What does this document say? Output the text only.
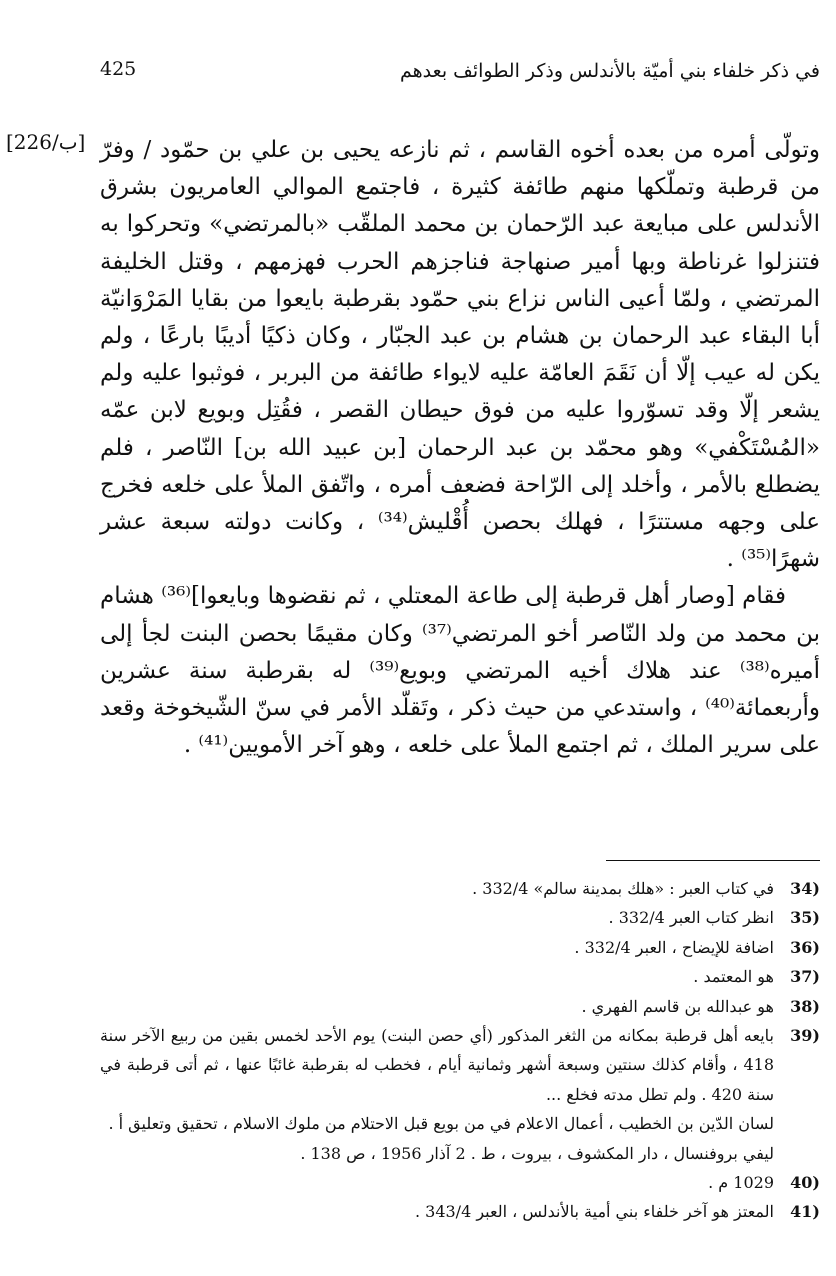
في ذكر خلفاء بني أميّة بالأندلس وذكر الطوائف بعدهم
425
[226/ب] وتولّى أمره من بعده أخوه القاسم ، ثم نازعه يحيى بن علي بن حمّود / وفرّ من قرطبة وتملّكها منهم طائفة كثيرة ، فاجتمع الموالي العامريون بشرق الأندلس على مبايعة عبد الرّحمان بن محمد الملقّب «بالمرتضي» وتحركوا به فتنزلوا غرناطة وبها أمير صنهاجة فناجزهم الحرب فهزمهم ، وقتل الخليفة المرتضي ، ولمّا أعيى الناس نزاع بني حمّود بقرطبة بايعوا من بقايا المَرْوَانيّة أبا البقاء عبد الرحمان بن هشام بن عبد الجبّار ، وكان ذكيًا أديبًا بارعًا ، ولم يكن له عيب إلّا أن نَقَمَ العامّة عليه لايواء طائفة من البربر ، فوثبوا عليه ولم يشعر إلّا وقد تسوّروا عليه من فوق حيطان القصر ، فقُتِل وبويع لابن عمّه «المُسْتَكْفي» وهو محمّد بن عبد الرحمان [بن عبيد الله بن] النّاصر ، فلم يضطلع بالأمر ، وأخلد إلى الرّاحة فضعف أمره ، واتّفق الملأ على خلعه فخرج على وجهه مستترًا ، فهلك بحصن أُقْليش⁽³⁴⁾ ، وكانت دولته سبعة عشر شهرًا⁽³⁵⁾ .

فقام [وصار أهل قرطبة إلى طاعة المعتلي ، ثم نقضوها وبايعوا]⁽³⁶⁾ هشام بن محمد من ولد النّاصر أخو المرتضي⁽³⁷⁾ وكان مقيمًا بحصن البنت لجأ إلى أميره⁽³⁸⁾ عند هلاك أخيه المرتضي وبويع⁽³⁹⁾ له بقرطبة سنة عشرين وأربعمائة⁽⁴⁰⁾ ، واستدعي من حيث ذكر ، وتَقلّد الأمر في سنّ الشّيخوخة وقعد على سرير الملك ، ثم اجتمع الملأ على خلعه ، وهو آخر الأمويين⁽⁴¹⁾ .

34)
في كتاب العبر : «هلك بمدينة سالم» 332/4 .
35)
انظر كتاب العبر 332/4 .
36)
اضافة للإيضاح ، العبر 332/4 .
37)
هو المعتمد .
38)
هو عبدالله بن قاسم الفهري .
39)
بايعه أهل قرطبة بمكانه من الثغر المذكور (أي حصن البنت) يوم الأحد لخمس بقين من ربيع الآخر سنة 418 ، وأقام كذلك سنتين وسبعة أشهر وثمانية أيام ، فخطب له بقرطبة غائبًا عنها ، ثم أتى قرطبة في سنة 420 . ولم تطل مدته فخلع ...
لسان الدّين بن الخطيب ، أعمال الاعلام في من بويع قبل الاحتلام من ملوك الاسلام ، تحقيق وتعليق أ . ليفي بروفنسال ، دار المكشوف ، بيروت ، ط . 2 آذار 1956 ، ص 138 .
40)
1029 م .
41)
المعتز هو آخر خلفاء بني أمية بالأندلس ، العبر 343/4 .
